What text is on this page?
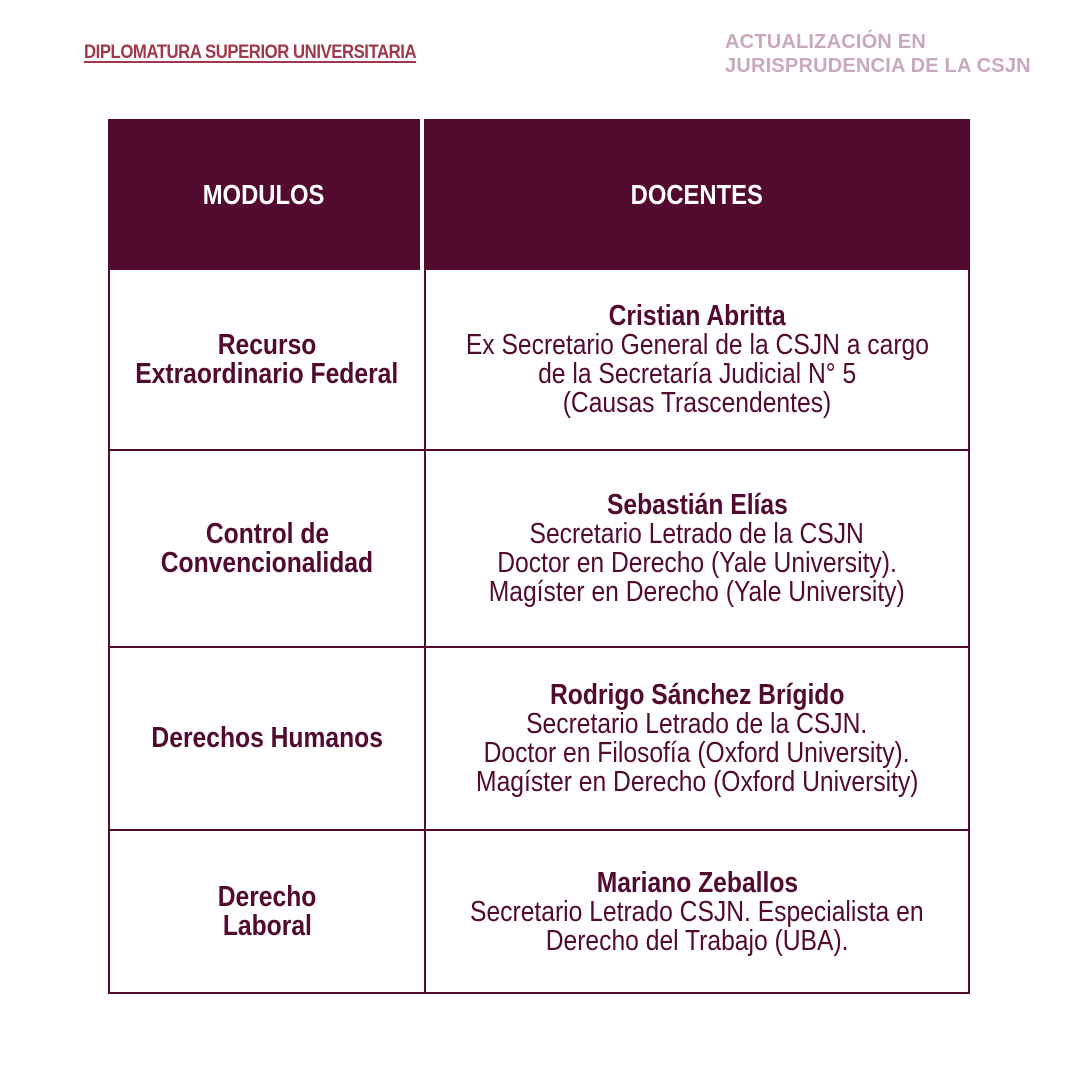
DIPLOMATURA SUPERIOR UNIVERSITARIA	ACTUALIZACIÓN EN
JURISPRUDENCIA DE LA CSJN
MODULOS	DOCENTES
Recurso
Extraordinario Federal
Cristian Abritta
Ex Secretario General de la CSJN a cargo
de la Secretaría Judicial N° 5
(Causas Trascendentes)
Control de
Convencionalidad
Sebastián Elías
Secretario Letrado de la CSJN
Doctor en Derecho (Yale University).
Magíster en Derecho (Yale University)
Derechos Humanos
Rodrigo Sánchez Brígido
Secretario Letrado de la CSJN.
Doctor en Filosofía (Oxford University).
Magíster en Derecho (Oxford University)
Derecho
Laboral
Mariano Zeballos
Secretario Letrado CSJN. Especialista en
Derecho del Trabajo (UBA).
